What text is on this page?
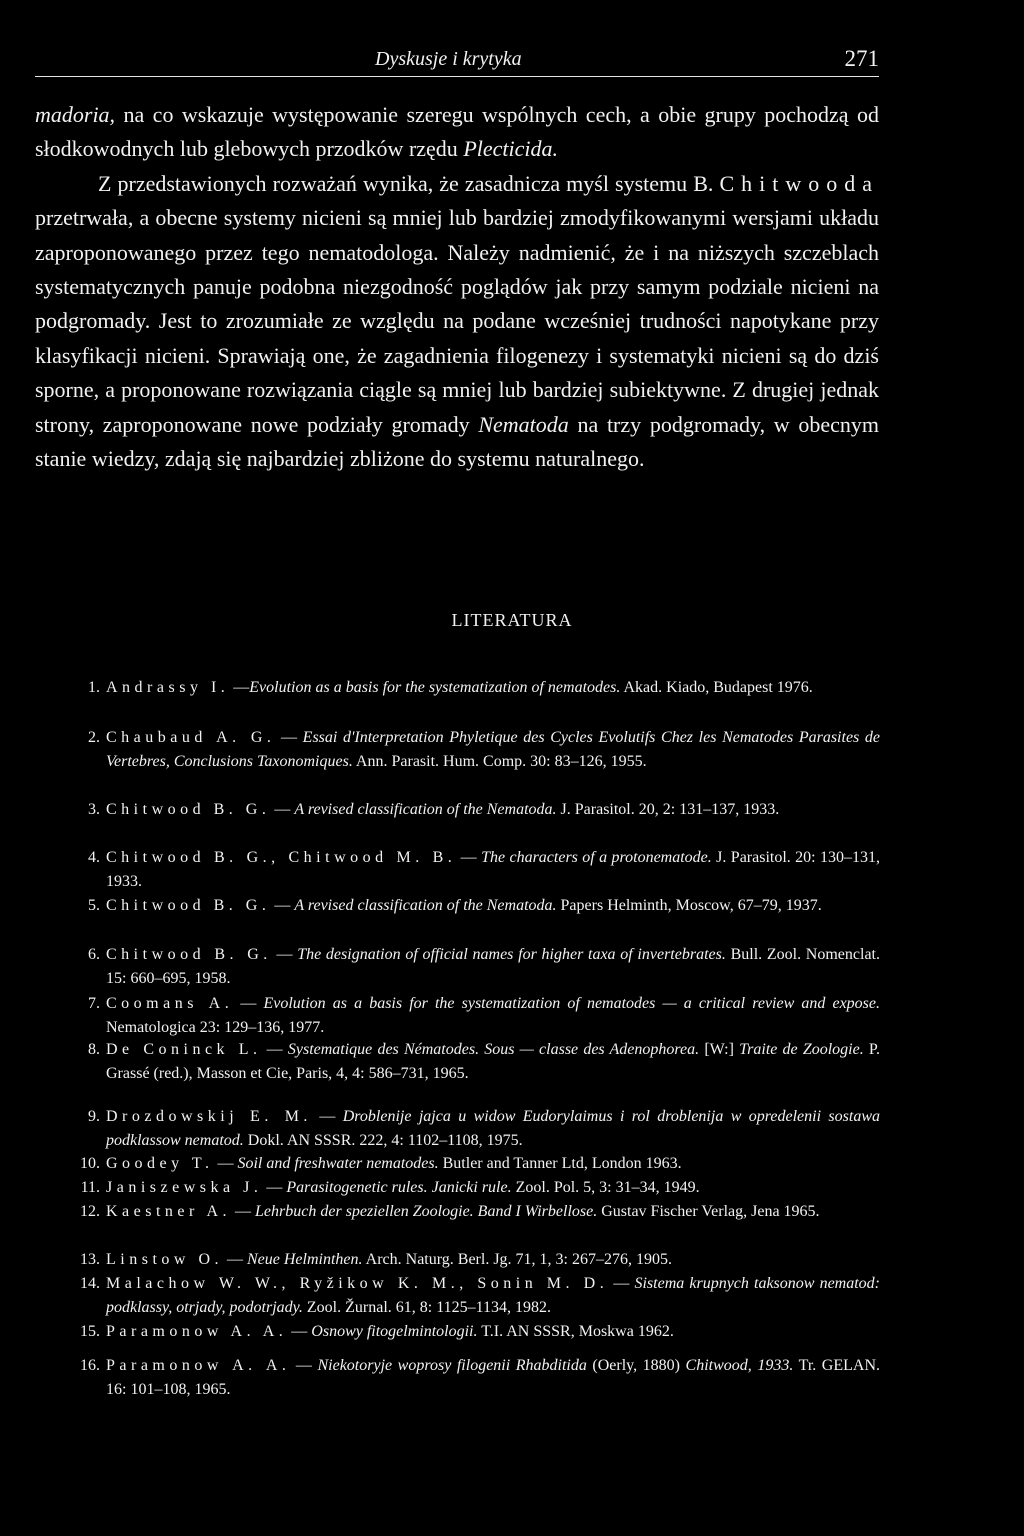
Dyskusje i krytyka	271

madoria, na co wskazuje występowanie szeregu wspólnych cech, a obie grupy pochodzą od słodkowodnych lub glebowych przodków rzędu Plecticida.

Z przedstawionych rozważań wynika, że zasadnicza myśl systemu B. Chitwooda przetrwała, a obecne systemy nicieni są mniej lub bardziej zmodyfikowanymi wersjami układu zaproponowanego przez tego nematodologa. Należy nadmienić, że i na niższych szczeblach systematycznych panuje podobna niezgodność poglądów jak przy samym podziale nicieni na podgromady. Jest to zrozumiałe ze względu na podane wcześniej trudności napotykane przy klasyfikacji nicieni. Sprawiają one, że zagadnienia filogenezy i systematyki nicieni są do dziś sporne, a proponowane rozwiązania ciągle są mniej lub bardziej subiektywne. Z drugiej jednak strony, zaproponowane nowe podziały gromady Nematoda na trzy podgromady, w obecnym stanie wiedzy, zdają się najbardziej zbliżone do systemu naturalnego.

LITERATURA
1. Andrassy I. —Evolution as a basis for the systematization of nematodes. Akad. Kiado, Budapest 1976.
2. Chaubaud A. G. — Essai d'Interpretation Phyletique des Cycles Evolutifs Chez les Nematodes Parasites de Vertebres, Conclusions Taxonomiques. Ann. Parasit. Hum. Comp. 30: 83–126, 1955.
3. Chitwood B. G. — A revised classification of the Nematoda. J. Parasitol. 20, 2: 131–137, 1933.
4. Chitwood B. G., Chitwood M. B. — The characters of a protonematode. J. Parasitol. 20: 130–131, 1933.
5. Chitwood B. G. — A revised classification of the Nematoda. Papers Helminth, Moscow, 67–79, 1937.
6. Chitwood B. G. — The designation of official names for higher taxa of invertebrates. Bull. Zool. Nomenclat. 15: 660–695, 1958.
7. Coomans A. — Evolution as a basis for the systematization of nematodes — a critical review and expose. Nematologica 23: 129–136, 1977.
8. De Coninck L. — Systematique des Nématodes. Sous — classe des Adenophorea. [W:] Traite de Zoologie. P. Grassé (red.), Masson et Cie, Paris, 4, 4: 586–731, 1965.
9. Drozdowskij E. M. — Droblenije jajca u widow Eudorylaimus i rol droblenija w opredelenii sostawa podklassow nematod. Dokl. AN SSSR. 222, 4: 1102–1108, 1975.
10. Goodey T. — Soil and freshwater nematodes. Butler and Tanner Ltd, London 1963.
11. Janiszewska J. — Parasitogenetic rules. Janicki rule. Zool. Pol. 5, 3: 31–34, 1949.
12. Kaestner A. — Lehrbuch der speziellen Zoologie. Band I Wirbellose. Gustav Fischer Verlag, Jena 1965.
13. Linstow O. — Neue Helminthen. Arch. Naturg. Berl. Jg. 71, 1, 3: 267–276, 1905.
14. Malachow W. W., Ryžikow K. M., Sonin M. D. — Sistema krupnych taksonow nematod: podklassy, otrjady, podotrjady. Zool. Žurnal. 61, 8: 1125–1134, 1982.
15. Paramonow A. A. — Osnowy fitogelmintologii. T.I. AN SSSR, Moskwa 1962.
16. Paramonow A. A. — Niekotoryje woprosy filogenii Rhabditida (Oerly, 1880) Chitwood, 1933. Tr. GELAN. 16: 101–108, 1965.
